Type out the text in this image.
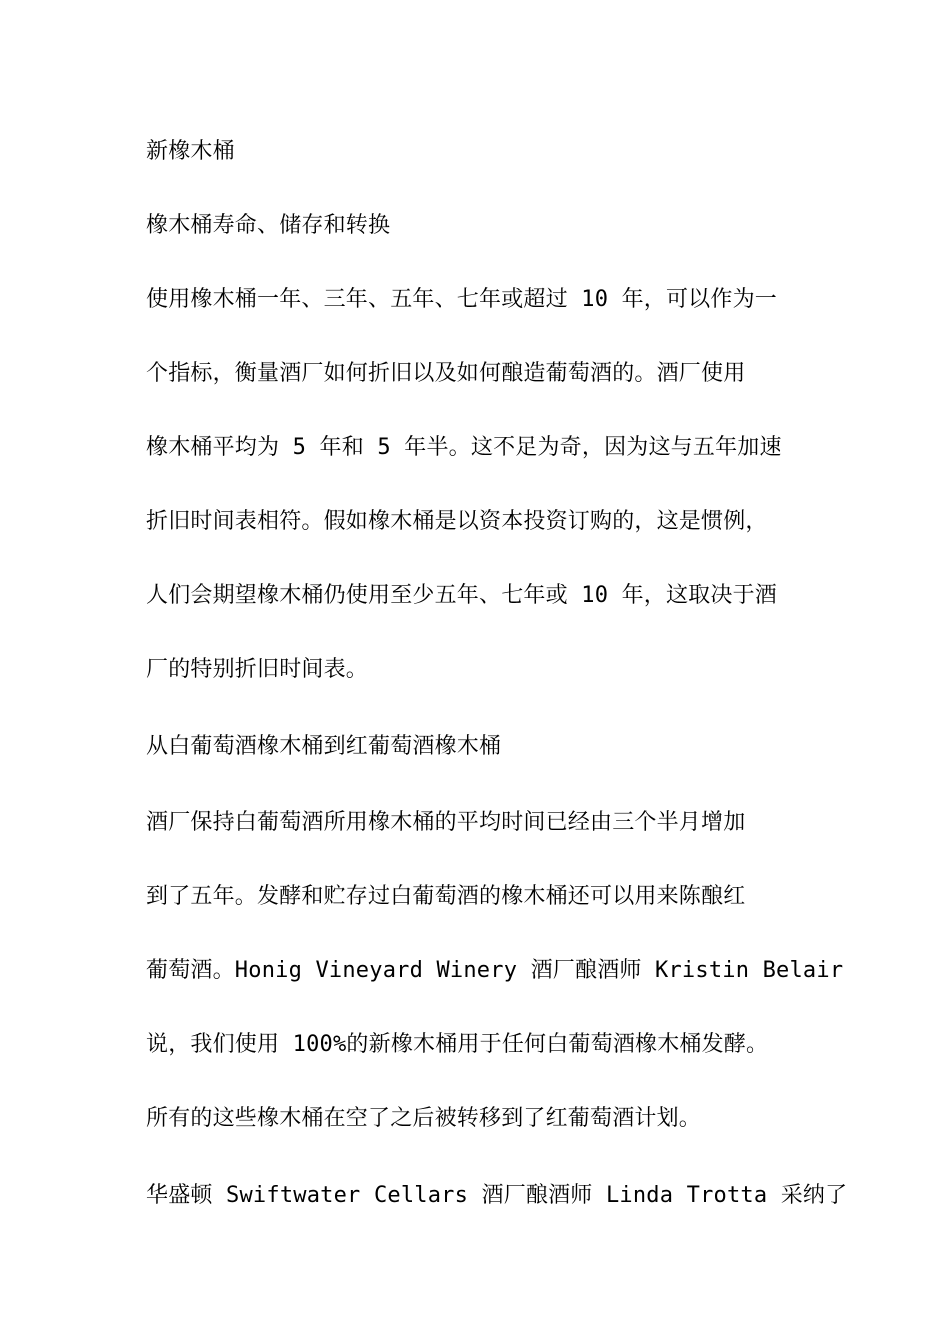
新橡木桶
橡木桶寿命、储存和转换
使用橡木桶一年、三年、五年、七年或超过 10 年，可以作为一
个指标，衡量酒厂如何折旧以及如何酿造葡萄酒的。酒厂使用
橡木桶平均为 5 年和 5 年半。这不足为奇，因为这与五年加速
折旧时间表相符。假如橡木桶是以资本投资订购的，这是惯例，
人们会期望橡木桶仍使用至少五年、七年或 10 年，这取决于酒
厂的特别折旧时间表。
从白葡萄酒橡木桶到红葡萄酒橡木桶
酒厂保持白葡萄酒所用橡木桶的平均时间已经由三个半月增加
到了五年。发酵和贮存过白葡萄酒的橡木桶还可以用来陈酿红
葡萄酒。Honig Vineyard Winery 酒厂酿酒师 Kristin Belair
说，我们使用 100%的新橡木桶用于任何白葡萄酒橡木桶发酵。
所有的这些橡木桶在空了之后被转移到了红葡萄酒计划。
华盛顿 Swiftwater Cellars 酒厂酿酒师 Linda Trotta 采纳了
